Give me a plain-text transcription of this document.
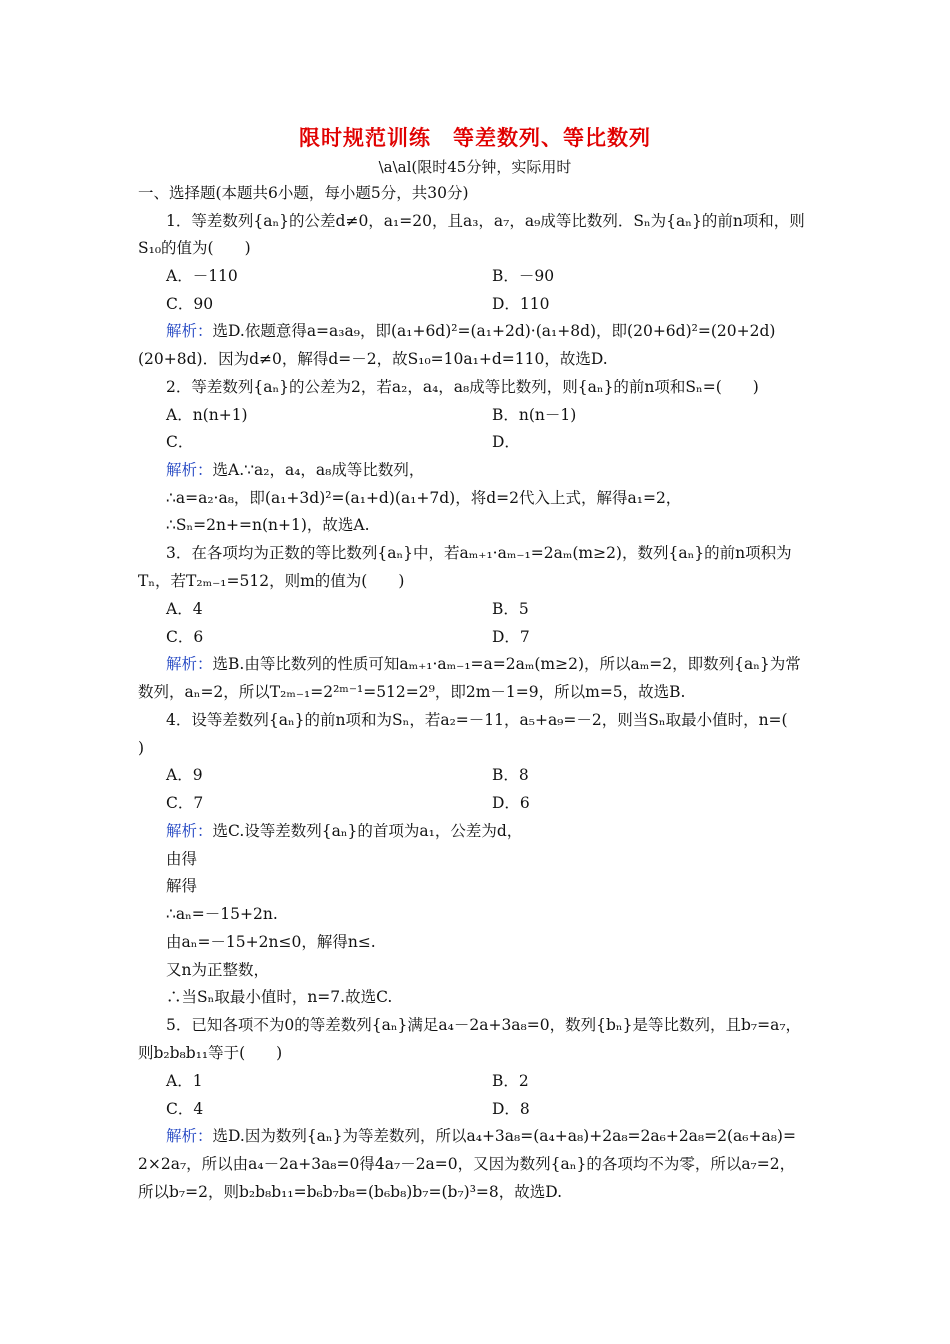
限时规范训练　等差数列、等比数列
\a\al(限时45分钟，实际用时
一、选择题(本题共6小题，每小题5分，共30分)
1．等差数列{aₙ}的公差d≠0，a₁=20，且a₃，a₇，a₉成等比数列．Sₙ为{aₙ}的前n项和，则
S₁₀的值为(　　)
A．－110	B．－90
C．90	D．110
解析：选D.依题意得a=a₃a₉，即(a₁+6d)²=(a₁+2d)·(a₁+8d)，即(20+6d)²=(20+2d)
(20+8d)．因为d≠0，解得d=－2，故S₁₀=10a₁+d=110，故选D.
2．等差数列{aₙ}的公差为2，若a₂，a₄，a₈成等比数列，则{aₙ}的前n项和Sₙ=(　　)
A．n(n+1)	B．n(n－1)
C．	D．
解析：选A.∵a₂，a₄，a₈成等比数列，
∴a=a₂·a₈，即(a₁+3d)²=(a₁+d)(a₁+7d)，将d=2代入上式，解得a₁=2，
∴Sₙ=2n+=n(n+1)，故选A.
3．在各项均为正数的等比数列{aₙ}中，若aₘ₊₁·aₘ₋₁=2aₘ(m≥2)，数列{aₙ}的前n项积为
Tₙ，若T₂ₘ₋₁=512，则m的值为(　　)
A．4	B．5
C．6	D．7
解析：选B.由等比数列的性质可知aₘ₊₁·aₘ₋₁=a=2aₘ(m≥2)，所以aₘ=2，即数列{aₙ}为常
数列，aₙ=2，所以T₂ₘ₋₁=2²ᵐ⁻¹=512=2⁹，即2m－1=9，所以m=5，故选B.
4．设等差数列{aₙ}的前n项和为Sₙ，若a₂=－11，a₅+a₉=－2，则当Sₙ取最小值时，n=(
)
A．9	B．8
C．7	D．6
解析：选C.设等差数列{aₙ}的首项为a₁，公差为d，
由得
解得
∴aₙ=－15+2n.
由aₙ=－15+2n≤0，解得n≤.
又n为正整数，
∴当Sₙ取最小值时，n=7.故选C.
5．已知各项不为0的等差数列{aₙ}满足a₄－2a+3a₈=0，数列{bₙ}是等比数列，且b₇=a₇，
则b₂b₈b₁₁等于(　　)
A．1	B．2
C．4	D．8
解析：选D.因为数列{aₙ}为等差数列，所以a₄+3a₈=(a₄+a₈)+2a₈=2a₆+2a₈=2(a₆+a₈)=
2×2a₇，所以由a₄－2a+3a₈=0得4a₇－2a=0，又因为数列{aₙ}的各项均不为零，所以a₇=2，
所以b₇=2，则b₂b₈b₁₁=b₆b₇b₈=(b₆b₈)b₇=(b₇)³=8，故选D.
